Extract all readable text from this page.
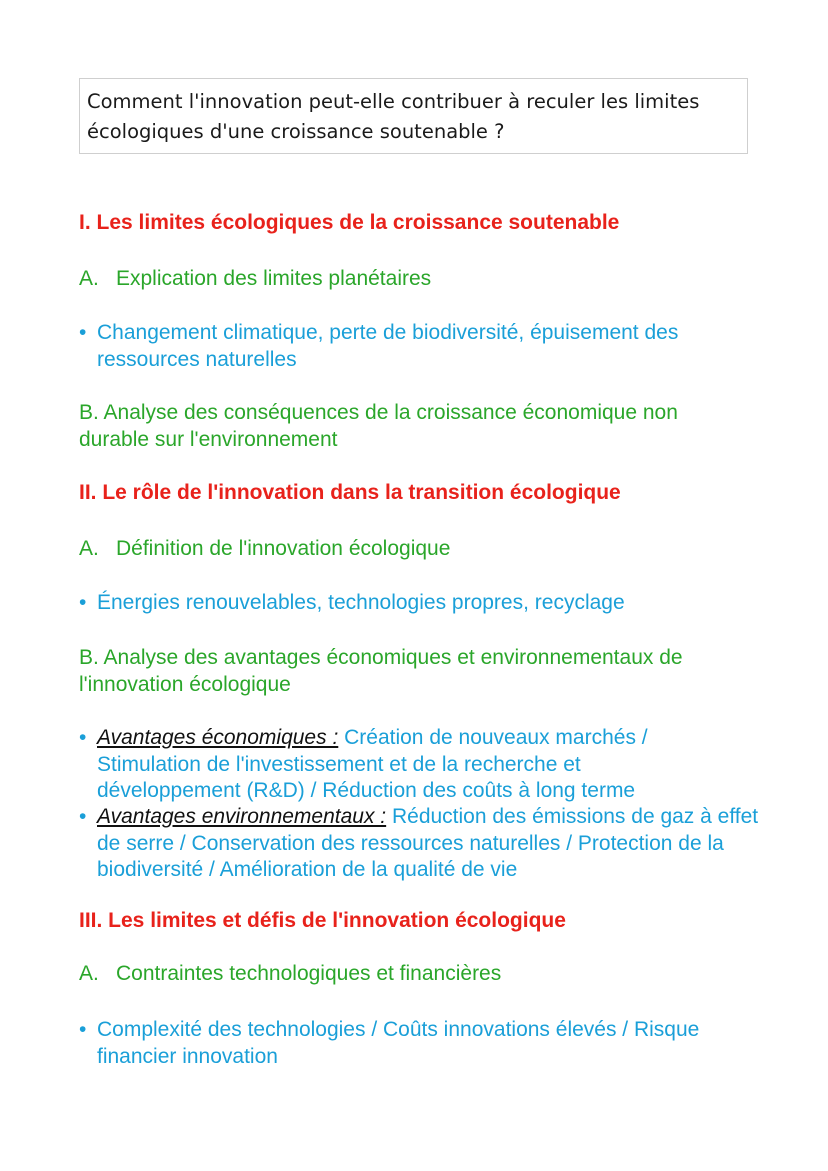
Comment l'innovation peut-elle contribuer à reculer les limites écologiques d'une croissance soutenable ?
I. Les limites écologiques de la croissance soutenable
A. Explication des limites planétaires
• Changement climatique, perte de biodiversité, épuisement des ressources naturelles
B. Analyse des conséquences de la croissance économique non durable sur l'environnement
II. Le rôle de l'innovation dans la transition écologique
A. Définition de l'innovation écologique
• Énergies renouvelables, technologies propres, recyclage
B. Analyse des avantages économiques et environnementaux de l'innovation écologique
• Avantages économiques : Création de nouveaux marchés / Stimulation de l'investissement et de la recherche et développement (R&D) / Réduction des coûts à long terme
• Avantages environnementaux : Réduction des émissions de gaz à effet de serre / Conservation des ressources naturelles / Protection de la biodiversité / Amélioration de la qualité de vie
III. Les limites et défis de l'innovation écologique
A. Contraintes technologiques et financières
• Complexité des technologies / Coûts innovations élevés / Risque financier innovation
